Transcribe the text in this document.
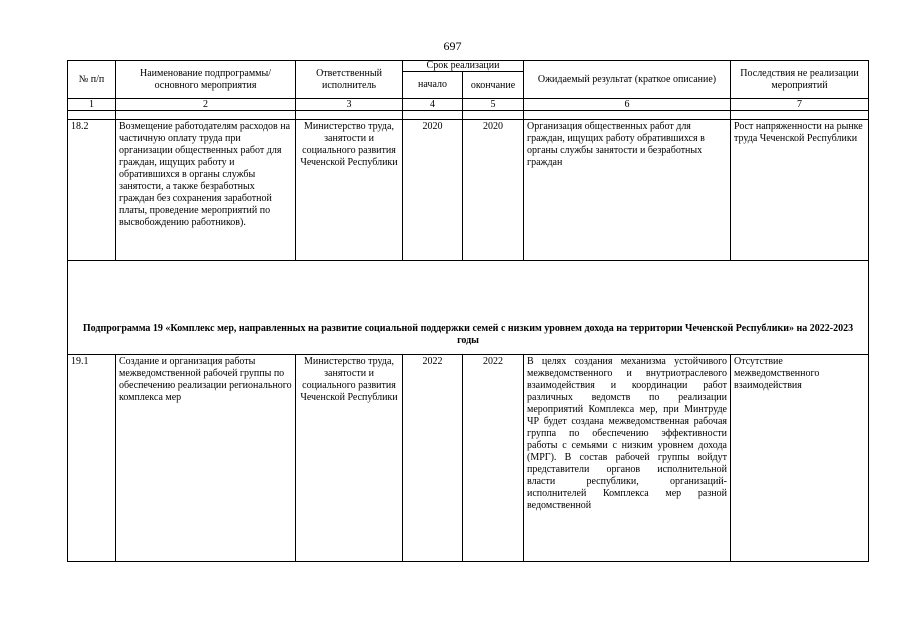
697
№ п/п	Наименование подпрограммы/ основного мероприятия	Ответственный исполнитель	Срок реализации		Ожидаемый результат (краткое описание)	Последствия не реализации мероприятий
			начало	окончание		
1	2	3	4	5	6	7

18.2	Возмещение работодателям расходов на частичную оплату труда при организации общественных работ для граждан, ищущих работу и обратившихся в органы службы занятости, а также безработных граждан без сохранения заработной платы, проведение мероприятий по высвобождению работников).	Министерство труда, занятости и социального развития Чеченской Республики	2020	2020	Организация общественных работ для граждан, ищущих работу обратившихся в органы службы занятости и безработных граждан	Рост напряженности на рынке труда Чеченской Республики
Подпрограмма 19 «Комплекс мер, направленных на развитие социальной поддержки семей с низким уровнем дохода на территории Чеченской Республики» на 2022-2023 годы						
19.1	Создание и организация работы межведомственной рабочей группы по обеспечению реализации регионального комплекса мер	Министерство труда, занятости и социального развития Чеченской Республики	2022	2022	В целях создания механизма устойчивого межведомственного и внутриотраслевого взаимодействия и координации работ различных ведомств по реализации мероприятий Комплекса мер, при Минтруде ЧР будет создана межведомственная рабочая группа по обеспечению эффективности работы с семьями с низким уровнем дохода (МРГ). В состав рабочей группы войдут представители органов исполнительной власти республики, организаций-исполнителей Комплекса мер разной ведомственной	Отсутствие межведомственного взаимодействия
